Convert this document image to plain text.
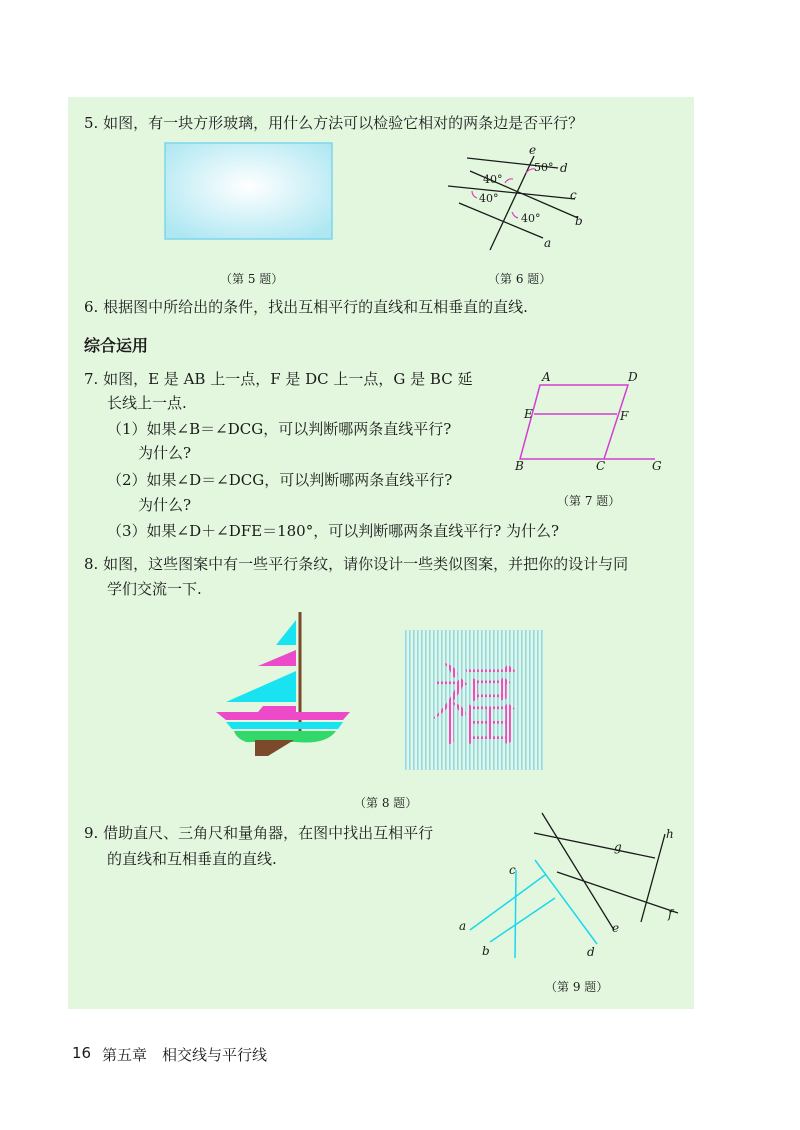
5. 如图，有一块方形玻璃，用什么方法可以检验它相对的两条边是否平行？
（第 5 题）
50°
40°
40°
40°
a
b
c
d
e
（第 6 题）
6. 根据图中所给出的条件，找出互相平行的直线和互相垂直的直线.
综合运用
7. 如图，E 是 AB 上一点，F 是 DC 上一点，G 是 BC 延
长线上一点.
（1）如果∠B＝∠DCG，可以判断哪两条直线平行?
为什么?
（2）如果∠D＝∠DCG，可以判断哪两条直线平行?
为什么?
（3）如果∠D＋∠DFE＝180°，可以判断哪两条直线平行? 为什么?
A	D
E	F
B	C	G
（第 7 题）
8. 如图，这些图案中有一些平行条纹，请你设计一些类似图案，并把你的设计与同
学们交流一下.
（第 8 题）
9. 借助直尺、三角尺和量角器，在图中找出互相平行
的直线和互相垂直的直线.
a
b
c
d
e
f
g
h
（第 9 题）
16 第五章　相交线与平行线
